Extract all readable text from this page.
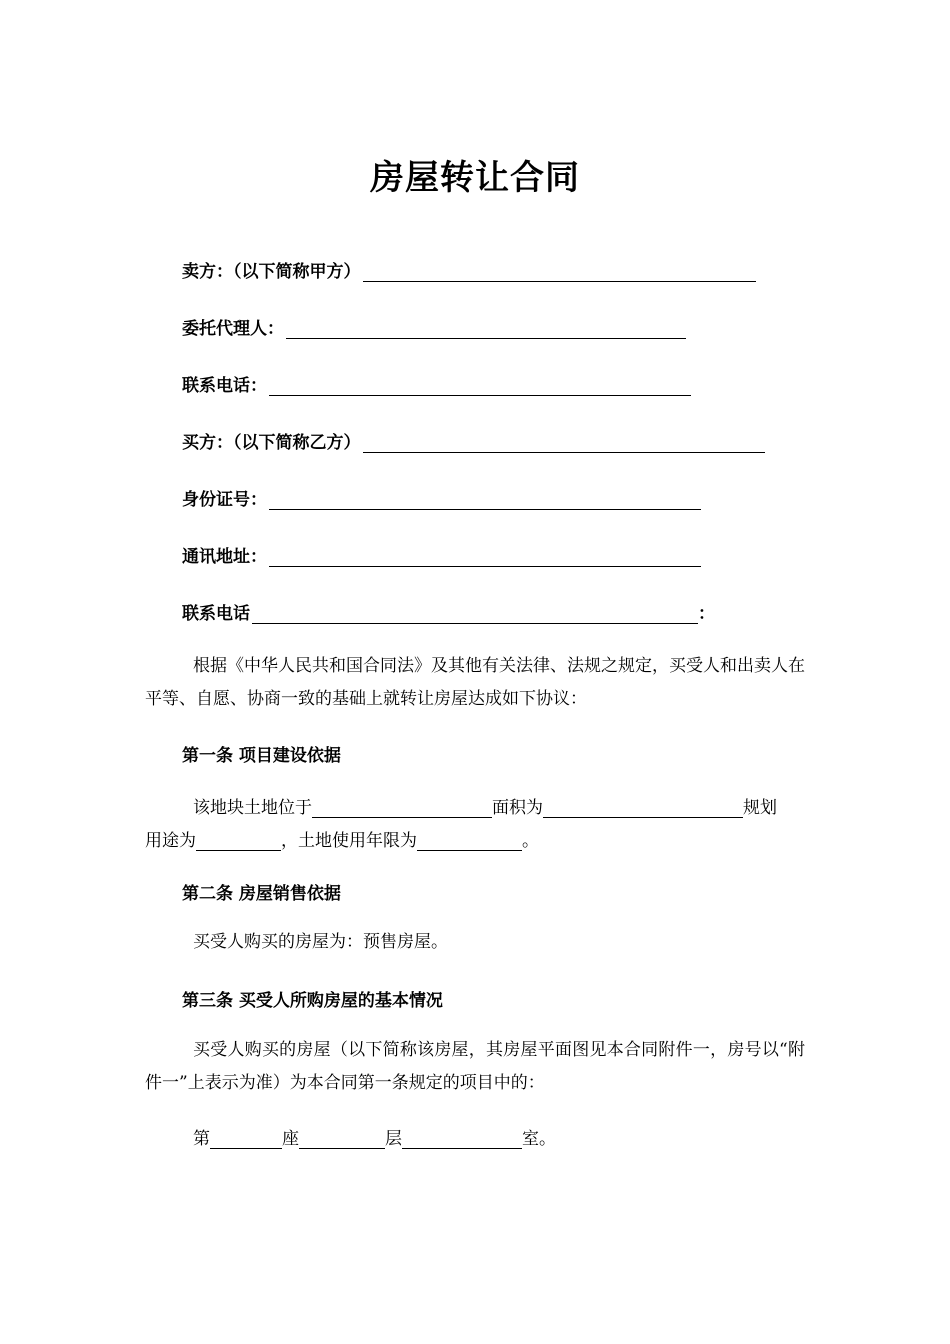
房屋转让合同
卖方：（以下简称甲方）
委托代理人：
联系电话：
买方：（以下简称乙方）
身份证号：
通讯地址：
联系电话	：
根据《中华人民共和国合同法》及其他有关法律、法规之规定，买受人和出卖人在平等、自愿、协商一致的基础上就转让房屋达成如下协议：
第一条 项目建设依据
该地块土地位于	面积为	规划
用途为	，土地使用年限为	。
第二条 房屋销售依据
买受人购买的房屋为：预售房屋。
第三条 买受人所购房屋的基本情况
买受人购买的房屋（以下简称该房屋，其房屋平面图见本合同附件一，房号以“附件一”上表示为准）为本合同第一条规定的项目中的：
第	座	层	室。
